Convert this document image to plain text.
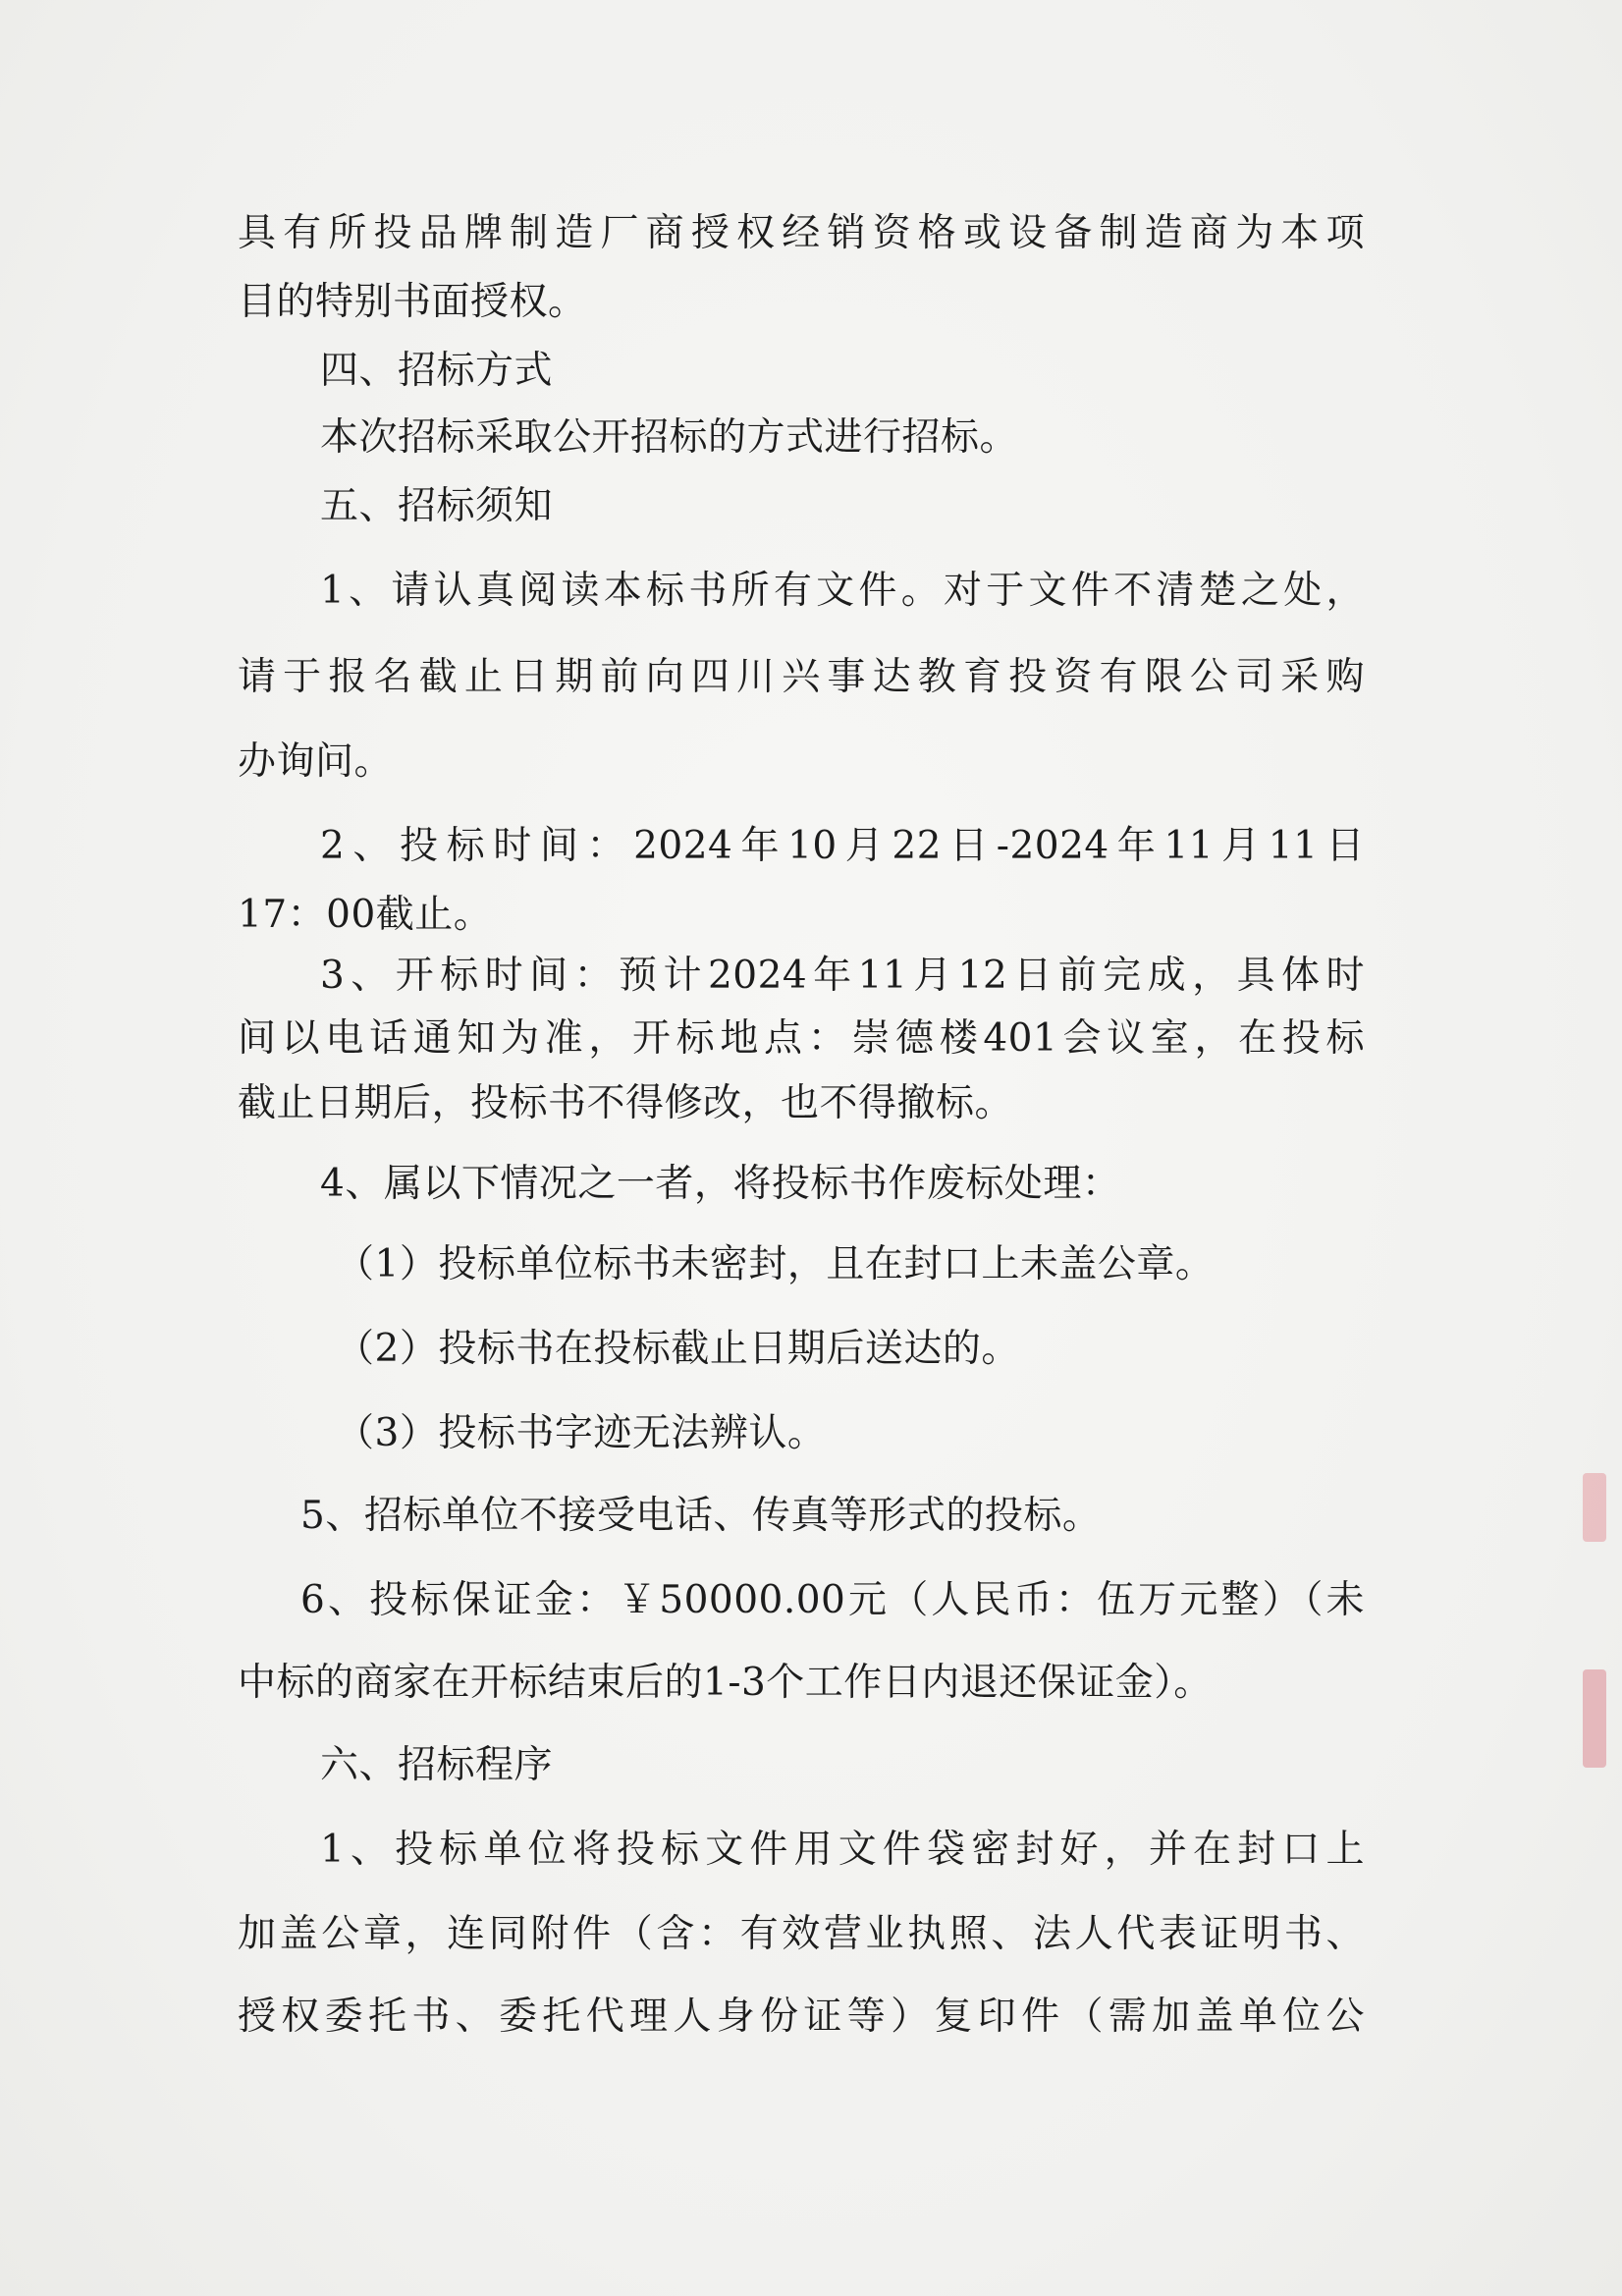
具有所投品牌制造厂商授权经销资格或设备制造商为本项

目的特别书面授权。

四、招标方式

本次招标采取公开招标的方式进行招标。

五、招标须知

1、请认真阅读本标书所有文件。对于文件不清楚之处，

请于报名截止日期前向四川兴事达教育投资有限公司采购

办询问。

2、投标时间：2024年10月22日-2024年11月11日

17：00截止。

3、开标时间：预计2024年11月12日前完成，具体时

间以电话通知为准，开标地点：崇德楼401会议室，在投标

截止日期后，投标书不得修改，也不得撤标。

4、属以下情况之一者，将投标书作废标处理：

（1）投标单位标书未密封，且在封口上未盖公章。

（2）投标书在投标截止日期后送达的。

（3）投标书字迹无法辨认。

5、招标单位不接受电话、传真等形式的投标。

6、投标保证金：￥50000.00元（人民币：伍万元整）（未

中标的商家在开标结束后的1-3个工作日内退还保证金）。

六、招标程序

1、投标单位将投标文件用文件袋密封好，并在封口上

加盖公章，连同附件（含：有效营业执照、法人代表证明书、

授权委托书、委托代理人身份证等）复印件（需加盖单位公
